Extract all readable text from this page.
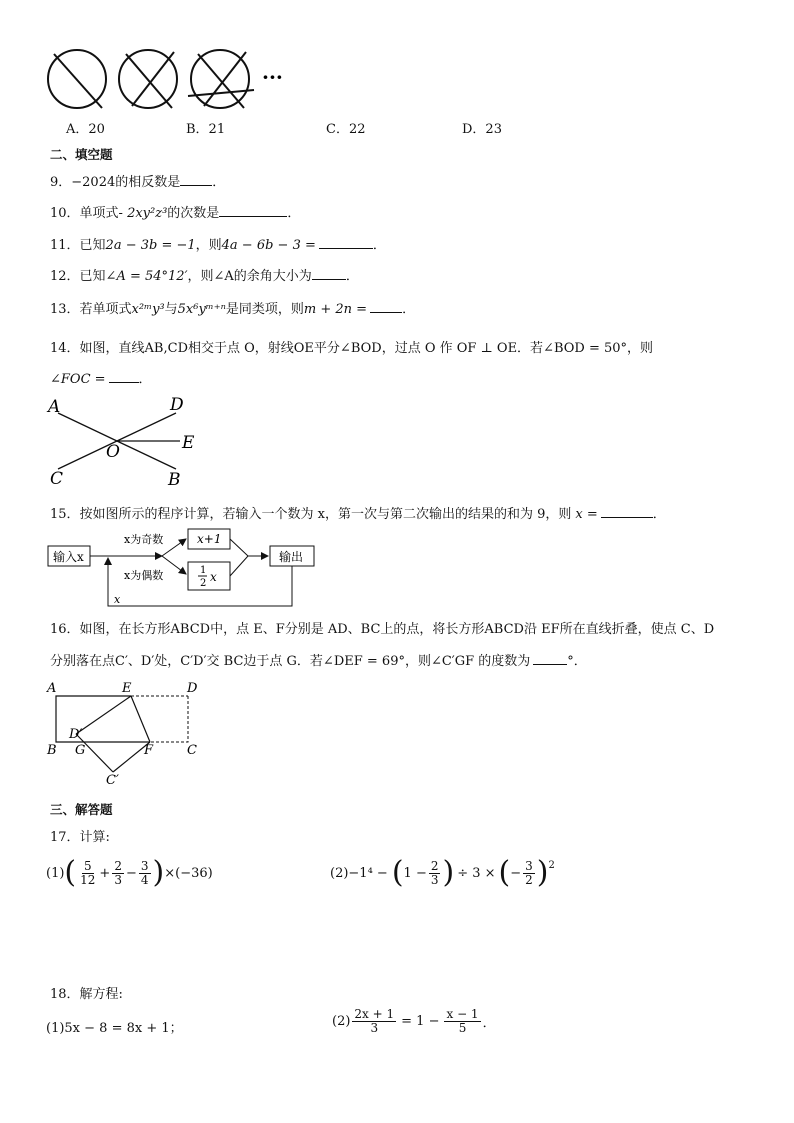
···
A．20	B．21	C．22	D．23
二、填空题
9．−2024的相反数是 ．
10．单项式- 2xy²z³的次数是	．
11．已知2a − 3b = −1，则4a − 6b − 3 =	．
12．已知∠A = 54°12′，则∠A的余角大小为	．
13．若单项式x²ᵐy³与5x⁶yᵐ⁺ⁿ是同类项，则m + 2n =	．
14．如图，直线AB,CD相交于点 O，射线OE平分∠BOD，过点 O 作 OF ⊥ OE．若∠BOD = 50°，则
∠FOC =	．
A	D
E
O
C	B
15．按如图所示的程序计算，若输入一个数为 x，第一次与第二次输出的结果的和为 9，则 x =	．
输入x
x为奇数
x为偶数
x+1
1
2 x
输出
x
16．如图，在长方形ABCD中，点 E、F分别是 AD、BC上的点，将长方形ABCD沿 EF所在直线折叠，使点 C、D
分别落在点C′、D′处，C′D′交 BC边于点 G．若∠DEF = 69°，则∠C′GF 的度数为	°．
A	E	D
D′
B G	F	C
C′
三、解答题
17．计算:
(1) ( $\frac{5}{12} + \frac{2}{3} - \frac{3}{4}$ ) ×(−36)	(2)−1⁴ − ( $1 - \frac{2}{3}$ ) ÷ 3 × ( − $\frac{3}{2}$ ) 2
18．解方程:
(1)5x − 8 = 8x + 1；	$(2) \frac{2x + 1}{3} = 1 - \frac{x - 1}{5}$ ．
